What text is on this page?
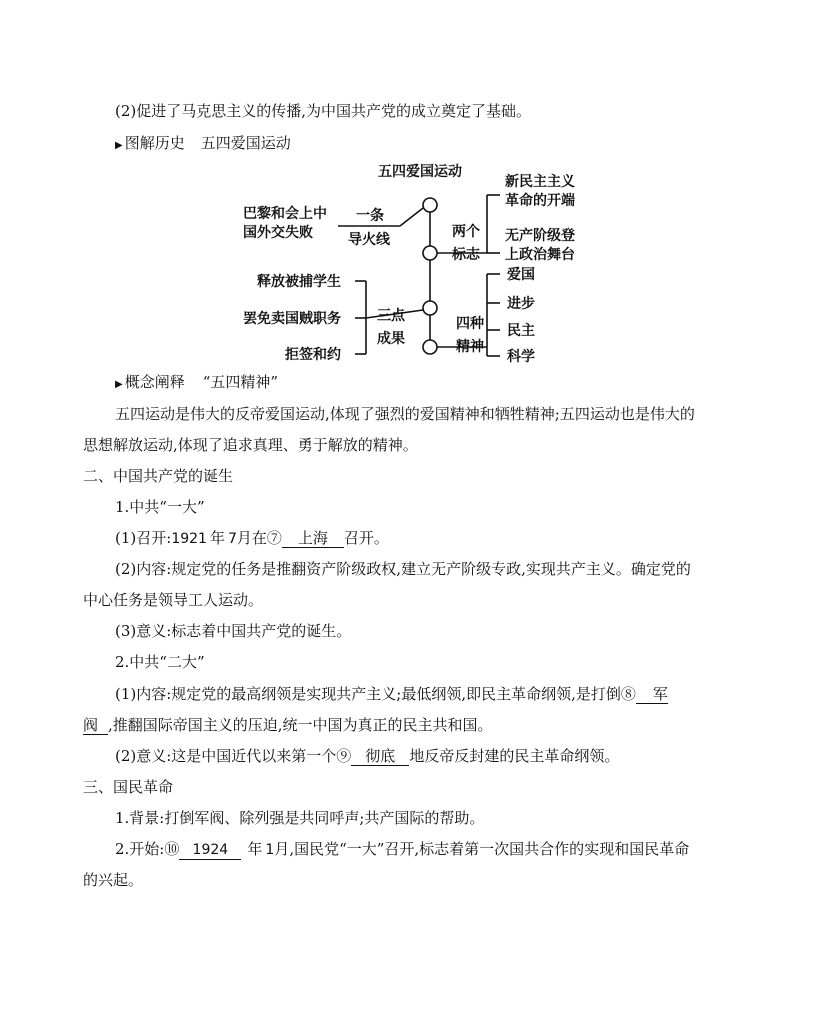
(2)促进了马克思主义的传播,为中国共产党的成立奠定了基础。
▶ 图解历史 五四爱国运动
五四爱国运动
巴黎和会上中
国外交失败
一条
导火线	两个
标志
新民主主义
革命的开端
无产阶级登
上政治舞台
释放被捕学生
罢免卖国贼职务
拒签和约
三点
成果
四种
精神
爱国
进步
民主
科学
▶ 概念阐释 “五四精神”
五四运动是伟大的反帝爱国运动,体现了强烈的爱国精神和牺牲精神;五四运动也是伟大的
思想解放运动,体现了追求真理、勇于解放的精神。
二、中国共产党的诞生
1.中共“一大”
(1)召开:1921 年 7月在⑦ 上海 召开。
(2)内容:规定党的任务是推翻资产阶级政权,建立无产阶级专政,实现共产主义。确定党的
中心任务是领导工人运动。
(3)意义:标志着中国共产党的诞生。
2.中共“二大”
(1)内容:规定党的最高纲领是实现共产主义;最低纲领,即民主革命纲领,是打倒⑧ 军
阀 ,推翻国际帝国主义的压迫,统一中国为真正的民主共和国。
(2)意义:这是中国近代以来第一个⑨ 彻底 地反帝反封建的民主革命纲领。
三、国民革命
1.背景:打倒军阀、除列强是共同呼声;共产国际的帮助。
2.开始:⑩ 1924 年 1月,国民党“一大”召开,标志着第一次国共合作的实现和国民革命
的兴起。
